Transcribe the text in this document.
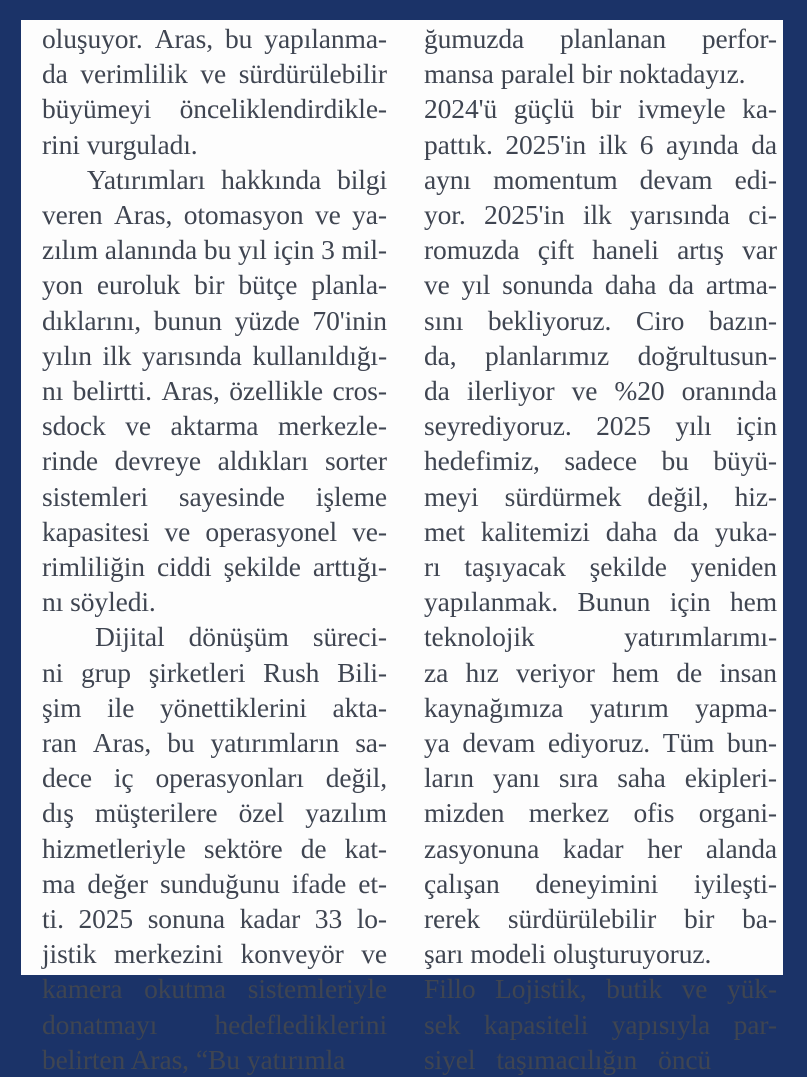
oluşuyor. Aras, bu yapılanma-
da verimlilik ve sürdürülebilir
büyümeyi önceliklendirdikle-
rini vurguladı.
Yatırımları hakkında bilgi
veren Aras, otomasyon ve ya-
zılım alanında bu yıl için 3 mil-
yon euroluk bir bütçe planla-
dıklarını, bunun yüzde 70'inin
yılın ilk yarısında kullanıldığı-
nı belirtti. Aras, özellikle cros-
sdock ve aktarma merkezle-
rinde devreye aldıkları sorter
sistemleri sayesinde işleme
kapasitesi ve operasyonel ve-
rimliliğin ciddi şekilde arttığı-
nı söyledi.
Dijital dönüşüm süreci-
ni grup şirketleri Rush Bili-
şim ile yönettiklerini akta-
ran Aras, bu yatırımların sa-
dece iç operasyonları değil,
dış müşterilere özel yazılım
hizmetleriyle sektöre de kat-
ma değer sunduğunu ifade et-
ti. 2025 sonuna kadar 33 lo-
jistik merkezini konveyör ve
kamera okutma sistemleriyle
donatmayı hedeflediklerini
belirten Aras, “Bu yatırımla
ğumuzda planlanan perfor-
mansa paralel bir noktadayız.
2024'ü güçlü bir ivmeyle ka-
pattık. 2025'in ilk 6 ayında da
aynı momentum devam edi-
yor. 2025'in ilk yarısında ci-
romuzda çift haneli artış var
ve yıl sonunda daha da artma-
sını bekliyoruz. Ciro bazın-
da, planlarımız doğrultusun-
da ilerliyor ve %20 oranında
seyrediyoruz. 2025 yılı için
hedefimiz, sadece bu büyü-
meyi sürdürmek değil, hiz-
met kalitemizi daha da yuka-
rı taşıyacak şekilde yeniden
yapılanmak. Bunun için hem
teknolojik	yatırımlarımı-
za hız veriyor hem de insan
kaynağımıza yatırım yapma-
ya devam ediyoruz. Tüm bun-
ların yanı sıra saha ekipleri-
mizden merkez ofis organi-
zasyonuna kadar her alanda
çalışan deneyimini iyileşti-
rerek sürdürülebilir bir ba-
şarı modeli oluşturuyoruz.
Fillo Lojistik, butik ve yük-
sek kapasiteli yapısıyla par-
siyel   taşımacılığın   öncü
